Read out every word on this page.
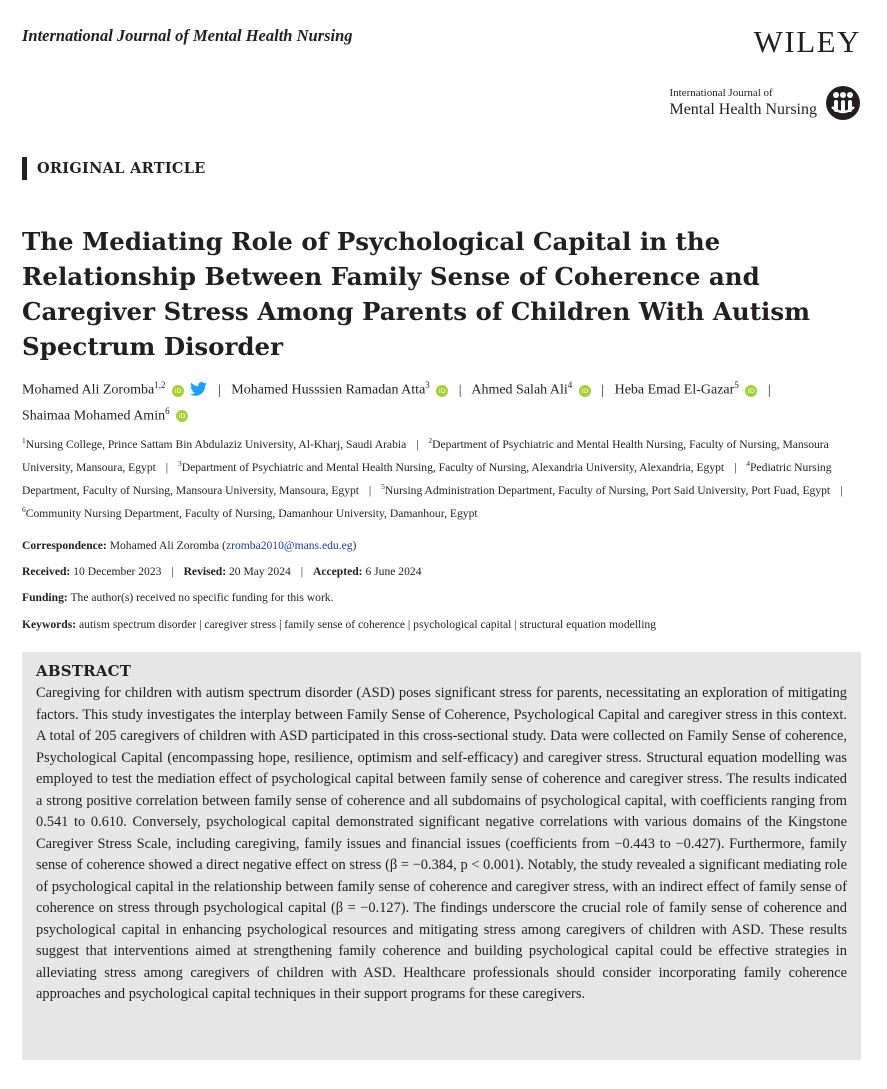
International Journal of Mental Health Nursing	WILEY
International Journal of
Mental Health Nursing
ORIGINAL ARTICLE
The Mediating Role of Psychological Capital in the Relationship Between Family Sense of Coherence and Caregiver Stress Among Parents of Children With Autism Spectrum Disorder
Mohamed Ali Zoromba$^{1,2}$ iD	| Mohamed Husssien Ramadan Atta$^3$ iD | Ahmed Salah Ali$^4$ iD | Heba Emad El-Gazar$^5$ iD |
Shaimaa Mohamed Amin$^6$ iD
$^1$Nursing College, Prince Sattam Bin Abdulaziz University, Al-Kharj, Saudi Arabia | $^2$Department of Psychiatric and Mental Health Nursing, Faculty of Nursing, Mansoura University, Mansoura, Egypt | $^3$Department of Psychiatric and Mental Health Nursing, Faculty of Nursing, Alexandria University, Alexandria, Egypt | $^4$Pediatric Nursing Department, Faculty of Nursing, Mansoura University, Mansoura, Egypt | $^5$Nursing Administration Department, Faculty of Nursing, Port Said University, Port Fuad, Egypt | $^6$Community Nursing Department, Faculty of Nursing, Damanhour University, Damanhour, Egypt
Correspondence: Mohamed Ali Zoromba (zromba2010@mans.edu.eg)
Received: 10 December 2023 | Revised: 20 May 2024 | Accepted: 6 June 2024
Funding: The author(s) received no specific funding for this work.
Keywords: autism spectrum disorder | caregiver stress | family sense of coherence | psychological capital | structural equation modelling
ABSTRACT

Caregiving for children with autism spectrum disorder (ASD) poses significant stress for parents, necessitating an exploration of mitigating factors. This study investigates the interplay between Family Sense of Coherence, Psychological Capital and caregiver stress in this context. A total of 205 caregivers of children with ASD participated in this cross-sectional study. Data were collected on Family Sense of coherence, Psychological Capital (encompassing hope, resilience, optimism and self-efficacy) and caregiver stress. Structural equation modelling was employed to test the mediation effect of psychological capital between family sense of coherence and caregiver stress. The results indicated a strong positive correlation between family sense of coherence and all subdomains of psychological capital, with coefficients ranging from 0.541 to 0.610. Conversely, psychological capital demonstrated significant negative correlations with various domains of the Kingstone Caregiver Stress Scale, including caregiving, family issues and financial issues (coefficients from −0.443 to −0.427). Furthermore, family sense of coherence showed a direct negative effect on stress (β = −0.384, p < 0.001). Notably, the study revealed a significant mediating role of psychological capital in the relationship between family sense of coherence and caregiver stress, with an indirect effect of family sense of coherence on stress through psychological capital (β = −0.127). The findings underscore the crucial role of family sense of coherence and psychological capital in enhancing psychological resources and mitigating stress among caregivers of children with ASD. These results suggest that interventions aimed at strengthening family coherence and building psychological capital could be effective strategies in alleviating stress among caregivers of children with ASD. Healthcare professionals should consider incorporating family coherence approaches and psychological capital techniques in their support programs for these caregivers.
